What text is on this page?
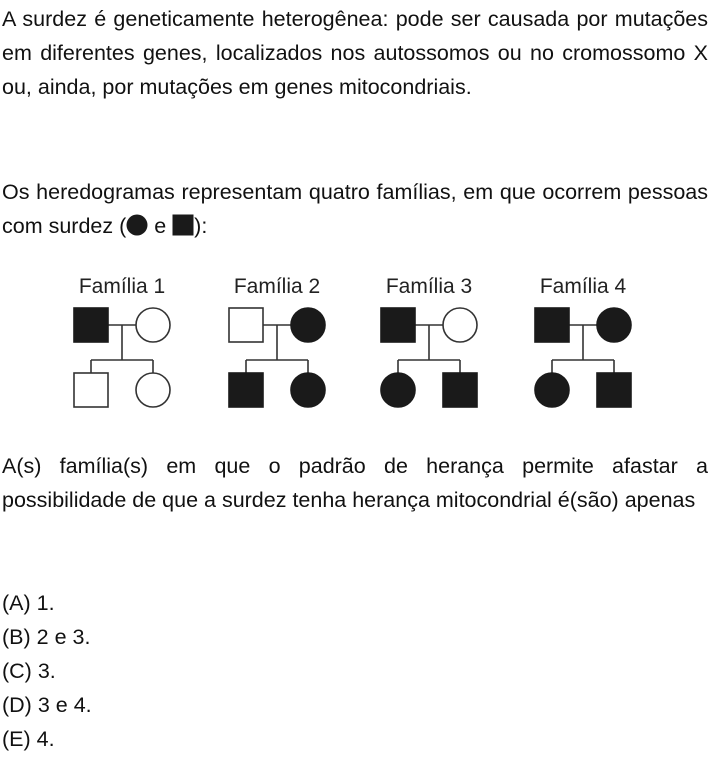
A surdez é geneticamente heterogênea: pode ser causada por mutações em diferentes genes, localizados nos autossomos ou no cromossomo X ou, ainda, por mutações em genes mitocondriais.

Os heredogramas representam quatro famílias, em que ocorrem pessoas com surdez ( e ):

Família 1	Família 2	Família 3	Família 4

A(s) família(s) em que o padrão de herança permite afastar a possibilidade de que a surdez tenha herança mitocondrial é(são) apenas

(A) 1.

(B) 2 e 3.

(C) 3.

(D) 3 e 4.

(E) 4.
